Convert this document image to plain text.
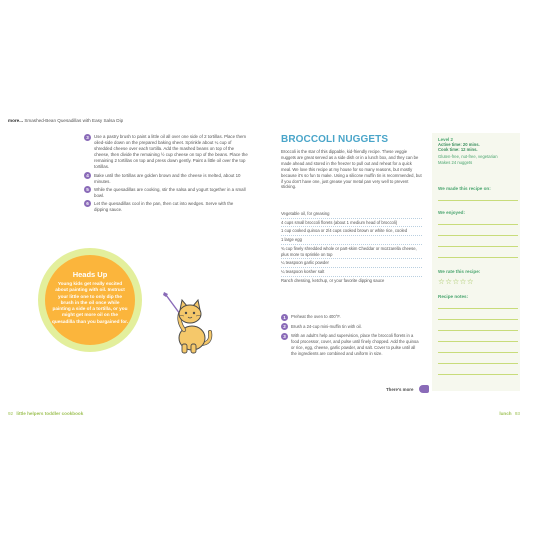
more... Smashed-Bean Quesadillas with Easy Salsa Dip
3	Use a pastry brush to paint a little oil all over one side of 2 tortillas. Place them oiled-side down on the prepared baking sheet. Sprinkle about ¼ cup of shredded cheese over each tortilla. Add the mashed beans on top of the cheese, then divide the remaining ½ cup cheese on top of the beans. Place the remaining 2 tortillas on top and press down gently. Paint a little oil over the top tortillas.
4	Bake until the tortillas are golden brown and the cheese is melted, about 10 minutes.
5	While the quesadillas are cooking, stir the salsa and yogurt together in a small bowl.
6	Let the quesadillas cool in the pan, then cut into wedges. Serve with the dipping sauce.
Heads Up
Young kids get really excited about painting with oil. Instruct your little one to only dip the brush in the oil once while painting a side of a tortilla, or you might get more oil on the quesadilla than you bargained for.
BROCCOLI NUGGETS
Broccoli is the star of this dippable, kid-friendly recipe. These veggie nuggets are great served as a side dish or in a lunch box, and they can be made ahead and stored in the freezer to pull out and reheat for a quick meal. We love this recipe at my house for so many reasons, but mostly because it's so fun to make. Using a silicone muffin tin is recommended, but if you don't have one, just grease your metal pan very well to prevent sticking.
Vegetable oil, for greasing
4 cups small broccoli florets (about 1 medium head of broccoli)
1 cup cooked quinoa or 2/4 cups cooked brown or white rice, cooled
1 large egg
¾ cup finely shredded whole or part-skim Cheddar or mozzarella cheese, plus more to sprinkle on top
¼ teaspoon garlic powder
¼ teaspoon kosher salt
Ranch dressing, ketchup, or your favorite dipping sauce
1	Preheat the oven to 400°F.
2	Brush a 24-cup mini-muffin tin with oil.
3	With an adult's help and supervision, place the broccoli florets in a food processor, cover, and pulse until finely chopped. Add the quinoa or rice, egg, cheese, garlic powder, and salt. Cover to pulse until all the ingredients are combined and uniform in size.
There's more
Level 2
Active time: 20 mins.
Cook time: 12 mins.
Gluten-free, nut-free, vegetarian
Makes 24 nuggets
We made this recipe on:
We enjoyed:
We rate this recipe:
☆☆☆☆☆
Recipe notes:
92 little helpers toddler cookbook	lunch 93
